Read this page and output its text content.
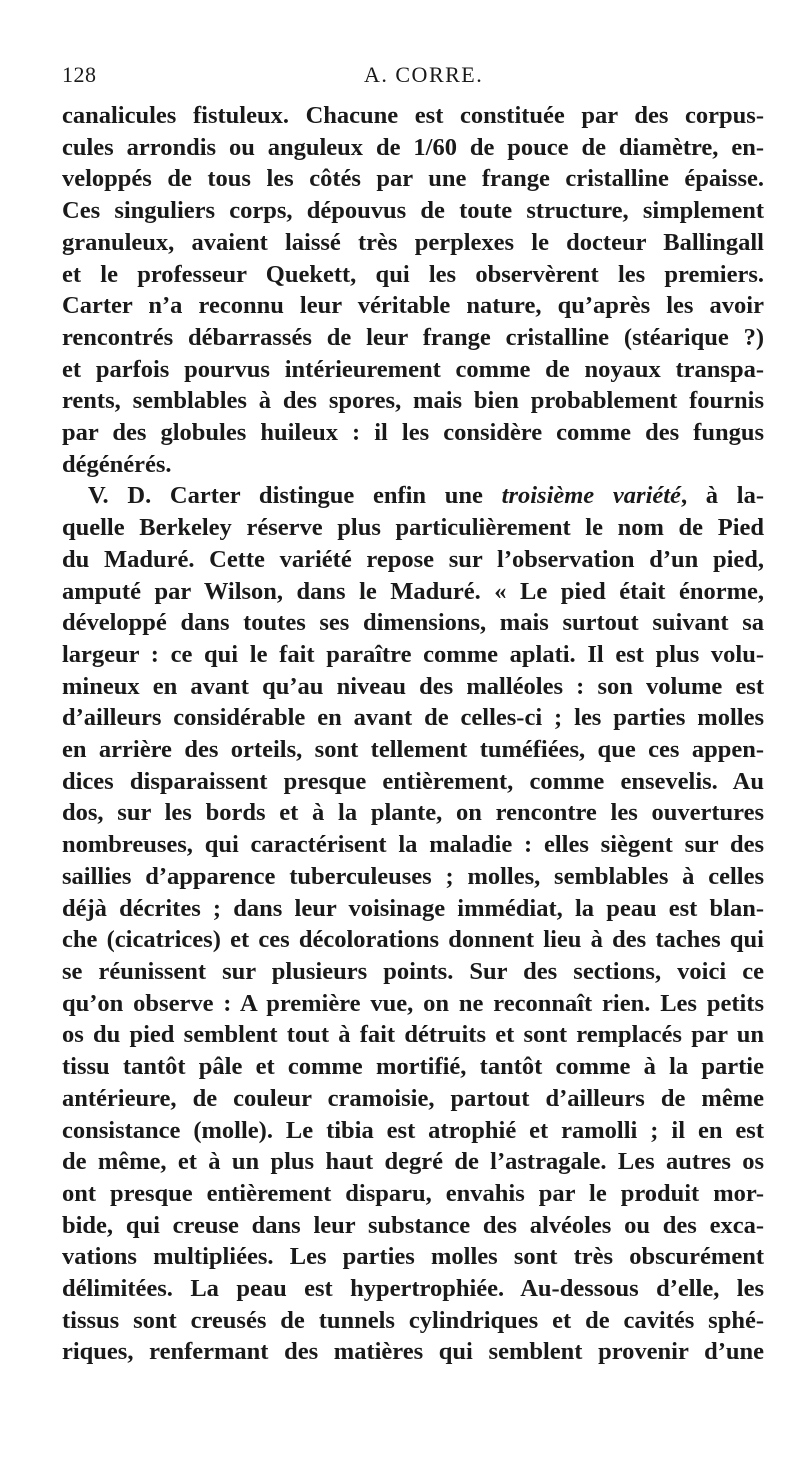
128	A. CORRE.
canalicules fistuleux. Chacune est constituée par des corpus-
cules arrondis ou anguleux de 1/60 de pouce de diamètre, en-
veloppés de tous les côtés par une frange cristalline épaisse.
Ces singuliers corps, dépouvus de toute structure, simplement
granuleux, avaient laissé très perplexes le docteur Ballingall
et le professeur Quekett, qui les observèrent les premiers.
Carter n’a reconnu leur véritable nature, qu’après les avoir
rencontrés débarrassés de leur frange cristalline (stéarique ?)
et parfois pourvus intérieurement comme de noyaux transpa-
rents, semblables à des spores, mais bien probablement fournis
par des globules huileux : il les considère comme des fungus
dégénérés.
V. D. Carter distingue enfin une troisième variété, à la-
quelle Berkeley réserve plus particulièrement le nom de Pied
du Maduré. Cette variété repose sur l’observation d’un pied,
amputé par Wilson, dans le Maduré. « Le pied était énorme,
développé dans toutes ses dimensions, mais surtout suivant sa
largeur : ce qui le fait paraître comme aplati. Il est plus volu-
mineux en avant qu’au niveau des malléoles : son volume est
d’ailleurs considérable en avant de celles-ci ; les parties molles
en arrière des orteils, sont tellement tuméfiées, que ces appen-
dices disparaissent presque entièrement, comme ensevelis. Au
dos, sur les bords et à la plante, on rencontre les ouvertures
nombreuses, qui caractérisent la maladie : elles siègent sur des
saillies d’apparence tuberculeuses ; molles, semblables à celles
déjà décrites ; dans leur voisinage immédiat, la peau est blan-
che (cicatrices) et ces décolorations donnent lieu à des taches qui
se réunissent sur plusieurs points. Sur des sections, voici ce
qu’on observe : A première vue, on ne reconnaît rien. Les petits
os du pied semblent tout à fait détruits et sont remplacés par un
tissu tantôt pâle et comme mortifié, tantôt comme à la partie
antérieure, de couleur cramoisie, partout d’ailleurs de même
consistance (molle). Le tibia est atrophié et ramolli ; il en est
de même, et à un plus haut degré de l’astragale. Les autres os
ont presque entièrement disparu, envahis par le produit mor-
bide, qui creuse dans leur substance des alvéoles ou des exca-
vations multipliées. Les parties molles sont très obscurément
délimitées. La peau est hypertrophiée. Au-dessous d’elle, les
tissus sont creusés de tunnels cylindriques et de cavités sphé-
riques, renfermant des matières qui semblent provenir d’une
